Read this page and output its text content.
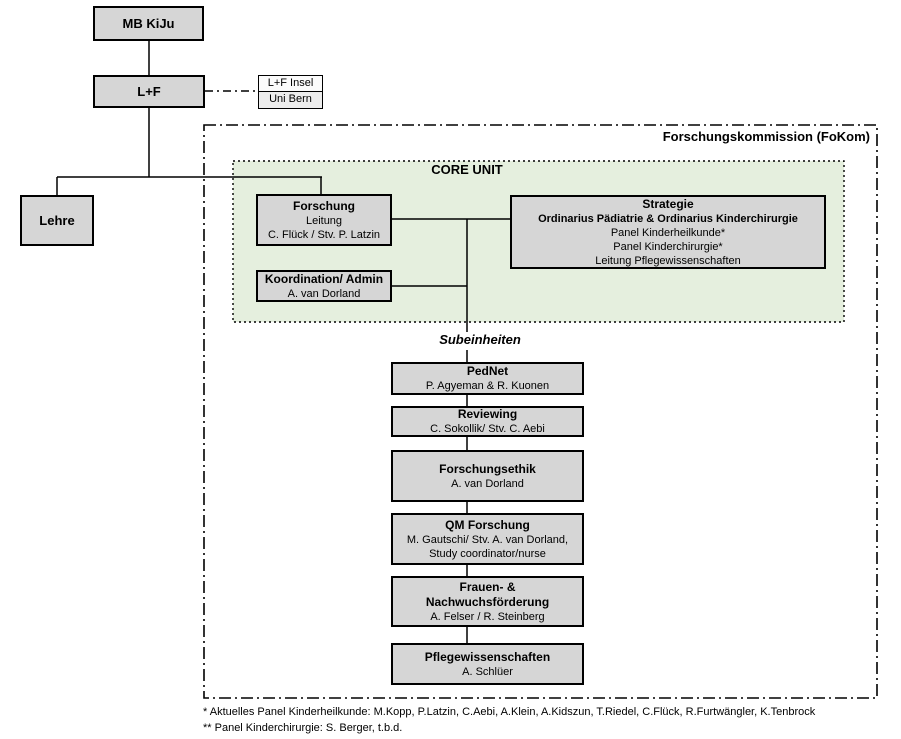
MB KiJu
L+F
L+F Insel
Uni Bern
Lehre
Forschungskommission (FoKom)
CORE UNIT
Forschung
Leitung
C. Flück / Stv. P. Latzin
Koordination/ Admin
A. van Dorland
Strategie
Ordinarius Pädiatrie & Ordinarius Kinderchirurgie
Panel Kinderheilkunde*
Panel Kinderchirurgie*
Leitung Pflegewissenschaften
Subeinheiten
PedNet
P. Agyeman & R. Kuonen
Reviewing
C. Sokollik/ Stv. C. Aebi
Forschungsethik
A. van Dorland
QM Forschung
M. Gautschi/ Stv. A. van Dorland,
Study coordinator/nurse
Frauen- & Nachwuchsförderung
A. Felser / R. Steinberg
Pflegewissenschaften
A. Schlüer
* Aktuelles Panel Kinderheilkunde: M.Kopp, P.Latzin, C.Aebi, A.Klein, A.Kidszun, T.Riedel, C.Flück, R.Furtwängler, K.Tenbrock
** Panel Kinderchirurgie: S. Berger, t.b.d.
